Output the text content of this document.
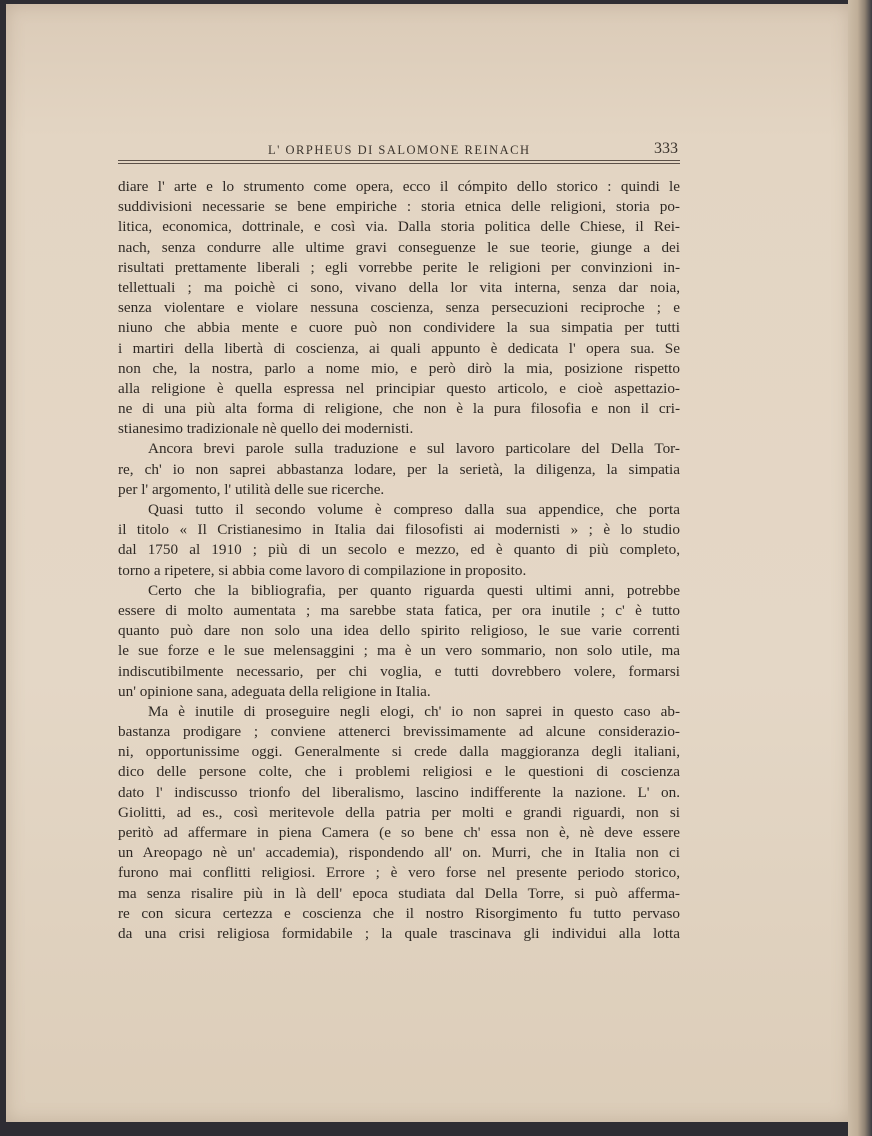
L' ORPHEUS DI SALOMONE REINACH	333
diare l' arte e lo strumento come opera, ecco il cómpito dello storico : quindi le
suddivisioni necessarie se bene empiriche : storia etnica delle religioni, storia po-
litica, economica, dottrinale, e così via. Dalla storia politica delle Chiese, il Rei-
nach, senza condurre alle ultime gravi conseguenze le sue teorie, giunge a dei
risultati prettamente liberali ; egli vorrebbe perite le religioni per convinzioni in-
tellettuali ; ma poichè ci sono, vivano della lor vita interna, senza dar noia,
senza violentare e violare nessuna coscienza, senza persecuzioni reciproche ; e
niuno che abbia mente e cuore può non condividere la sua simpatia per tutti
i martiri della libertà di coscienza, ai quali appunto è dedicata l' opera sua. Se
non che, la nostra, parlo a nome mio, e però dirò la mia, posizione rispetto
alla religione è quella espressa nel principiar questo articolo, e cioè aspettazio-
ne di una più alta forma di religione, che non è la pura filosofia e non il cri-
stianesimo tradizionale nè quello dei modernisti.
Ancora brevi parole sulla traduzione e sul lavoro particolare del Della Tor-
re, ch' io non saprei abbastanza lodare, per la serietà, la diligenza, la simpatia
per l' argomento, l' utilità delle sue ricerche.
Quasi tutto il secondo volume è compreso dalla sua appendice, che porta
il titolo « Il Cristianesimo in Italia dai filosofisti ai modernisti » ; è lo studio
dal 1750 al 1910 ; più di un secolo e mezzo, ed è quanto di più completo,
torno a ripetere, si abbia come lavoro di compilazione in proposito.
Certo che la bibliografia, per quanto riguarda questi ultimi anni, potrebbe
essere di molto aumentata ; ma sarebbe stata fatica, per ora inutile ; c' è tutto
quanto può dare non solo una idea dello spirito religioso, le sue varie correnti
le sue forze e le sue melensaggini ; ma è un vero sommario, non solo utile, ma
indiscutibilmente necessario, per chi voglia, e tutti dovrebbero volere, formarsi
un' opinione sana, adeguata della religione in Italia.
Ma è inutile di proseguire negli elogi, ch' io non saprei in questo caso ab-
bastanza prodigare ; conviene attenerci brevissimamente ad alcune considerazio-
ni, opportunissime oggi. Generalmente si crede dalla maggioranza degli italiani,
dico delle persone colte, che i problemi religiosi e le questioni di coscienza
dato l' indiscusso trionfo del liberalismo, lascino indifferente la nazione. L' on.
Giolitti, ad es., così meritevole della patria per molti e grandi riguardi, non si
peritò ad affermare in piena Camera (e so bene ch' essa non è, nè deve essere
un Areopago nè un' accademia), rispondendo all' on. Murri, che in Italia non ci
furono mai conflitti religiosi. Errore ; è vero forse nel presente periodo storico,
ma senza risalire più in là dell' epoca studiata dal Della Torre, si può afferma-
re con sicura certezza e coscienza che il nostro Risorgimento fu tutto pervaso
da una crisi religiosa formidabile ; la quale trascinava gli individui alla lotta
